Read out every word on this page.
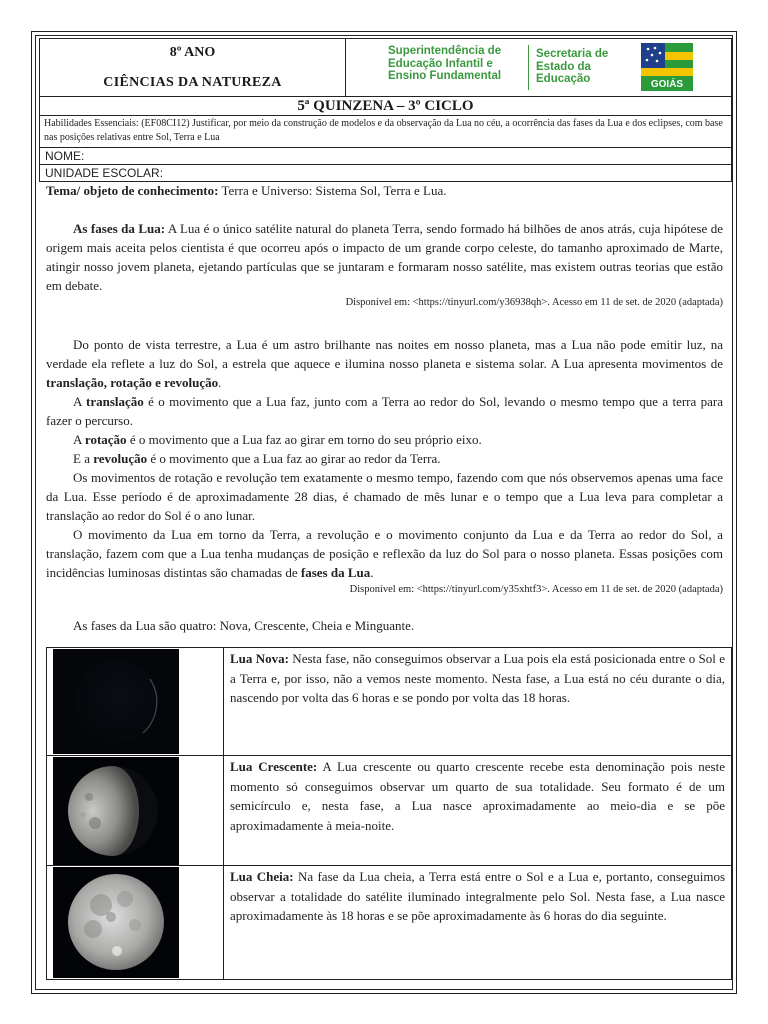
8º ANO
CIÊNCIAS DA NATUREZA
Superintendência de
Educação Infantil e
Ensino Fundamental
Secretaria de
Estado da
Educação	GOIÁS
5ª QUINZENA – 3º CICLO
Habilidades Essenciais: (EF08CI12) Justificar, por meio da construção de modelos e da observação da Lua no céu, a ocorrência das fases da Lua e dos eclipses, com base nas posições relativas entre Sol, Terra e Lua
NOME:
UNIDADE ESCOLAR:

Tema/ objeto de conhecimento: Terra e Universo: Sistema Sol, Terra e Lua.

As fases da Lua: A Lua é o único satélite natural do planeta Terra, sendo formado há bilhões de anos atrás, cuja hipótese de origem mais aceita pelos cientista é que ocorreu após o impacto de um grande corpo celeste, do tamanho aproximado de Marte, atingir nosso jovem planeta, ejetando partículas que se juntaram e formaram nosso satélite, mas existem outras teorias que estão em debate.

Disponível em: <https://tinyurl.com/y36938qh>. Acesso em 11 de set. de 2020 (adaptada)

Do ponto de vista terrestre, a Lua é um astro brilhante nas noites em nosso planeta, mas a Lua não pode emitir luz, na verdade ela reflete a luz do Sol, a estrela que aquece e ilumina nosso planeta e sistema solar. A Lua apresenta movimentos de translação, rotação e revolução.

A translação é o movimento que a Lua faz, junto com a Terra ao redor do Sol, levando o mesmo tempo que a terra para fazer o percurso.

A rotação é o movimento que a Lua faz ao girar em torno do seu próprio eixo.

E a revolução é o movimento que a Lua faz ao girar ao redor da Terra.

Os movimentos de rotação e revolução tem exatamente o mesmo tempo, fazendo com que nós observemos apenas uma face da Lua. Esse período é de aproximadamente 28 dias, é chamado de mês lunar e o tempo que a Lua leva para completar a translação ao redor do Sol é o ano lunar.

O movimento da Lua em torno da Terra, a revolução e o movimento conjunto da Lua e da Terra ao redor do Sol, a translação, fazem com que a Lua tenha mudanças de posição e reflexão da luz do Sol para o nosso planeta. Essas posições com incidências luminosas distintas são chamadas de fases da Lua.

Disponível em: <https://tinyurl.com/y35xhtf3>. Acesso em 11 de set. de 2020 (adaptada)

As fases da Lua são quatro: Nova, Crescente, Cheia e Minguante.

Lua Nova: Nesta fase, não conseguimos observar a Lua pois ela está posicionada entre o Sol e a Terra e, por isso, não a vemos neste momento. Nesta fase, a Lua está no céu durante o dia, nascendo por volta das 6 horas e se pondo por volta das 18 horas.
Lua Crescente: A Lua crescente ou quarto crescente recebe esta denominação pois neste momento só conseguimos observar um quarto de sua totalidade. Seu formato é de um semicírculo e, nesta fase, a Lua nasce aproximadamente ao meio-dia e se põe aproximadamente à meia-noite.
Lua Cheia: Na fase da Lua cheia, a Terra está entre o Sol e a Lua e, portanto, conseguimos observar a totalidade do satélite iluminado integralmente pelo Sol. Nesta fase, a Lua nasce aproximadamente às 18 horas e se põe aproximadamente às 6 horas do dia seguinte.
